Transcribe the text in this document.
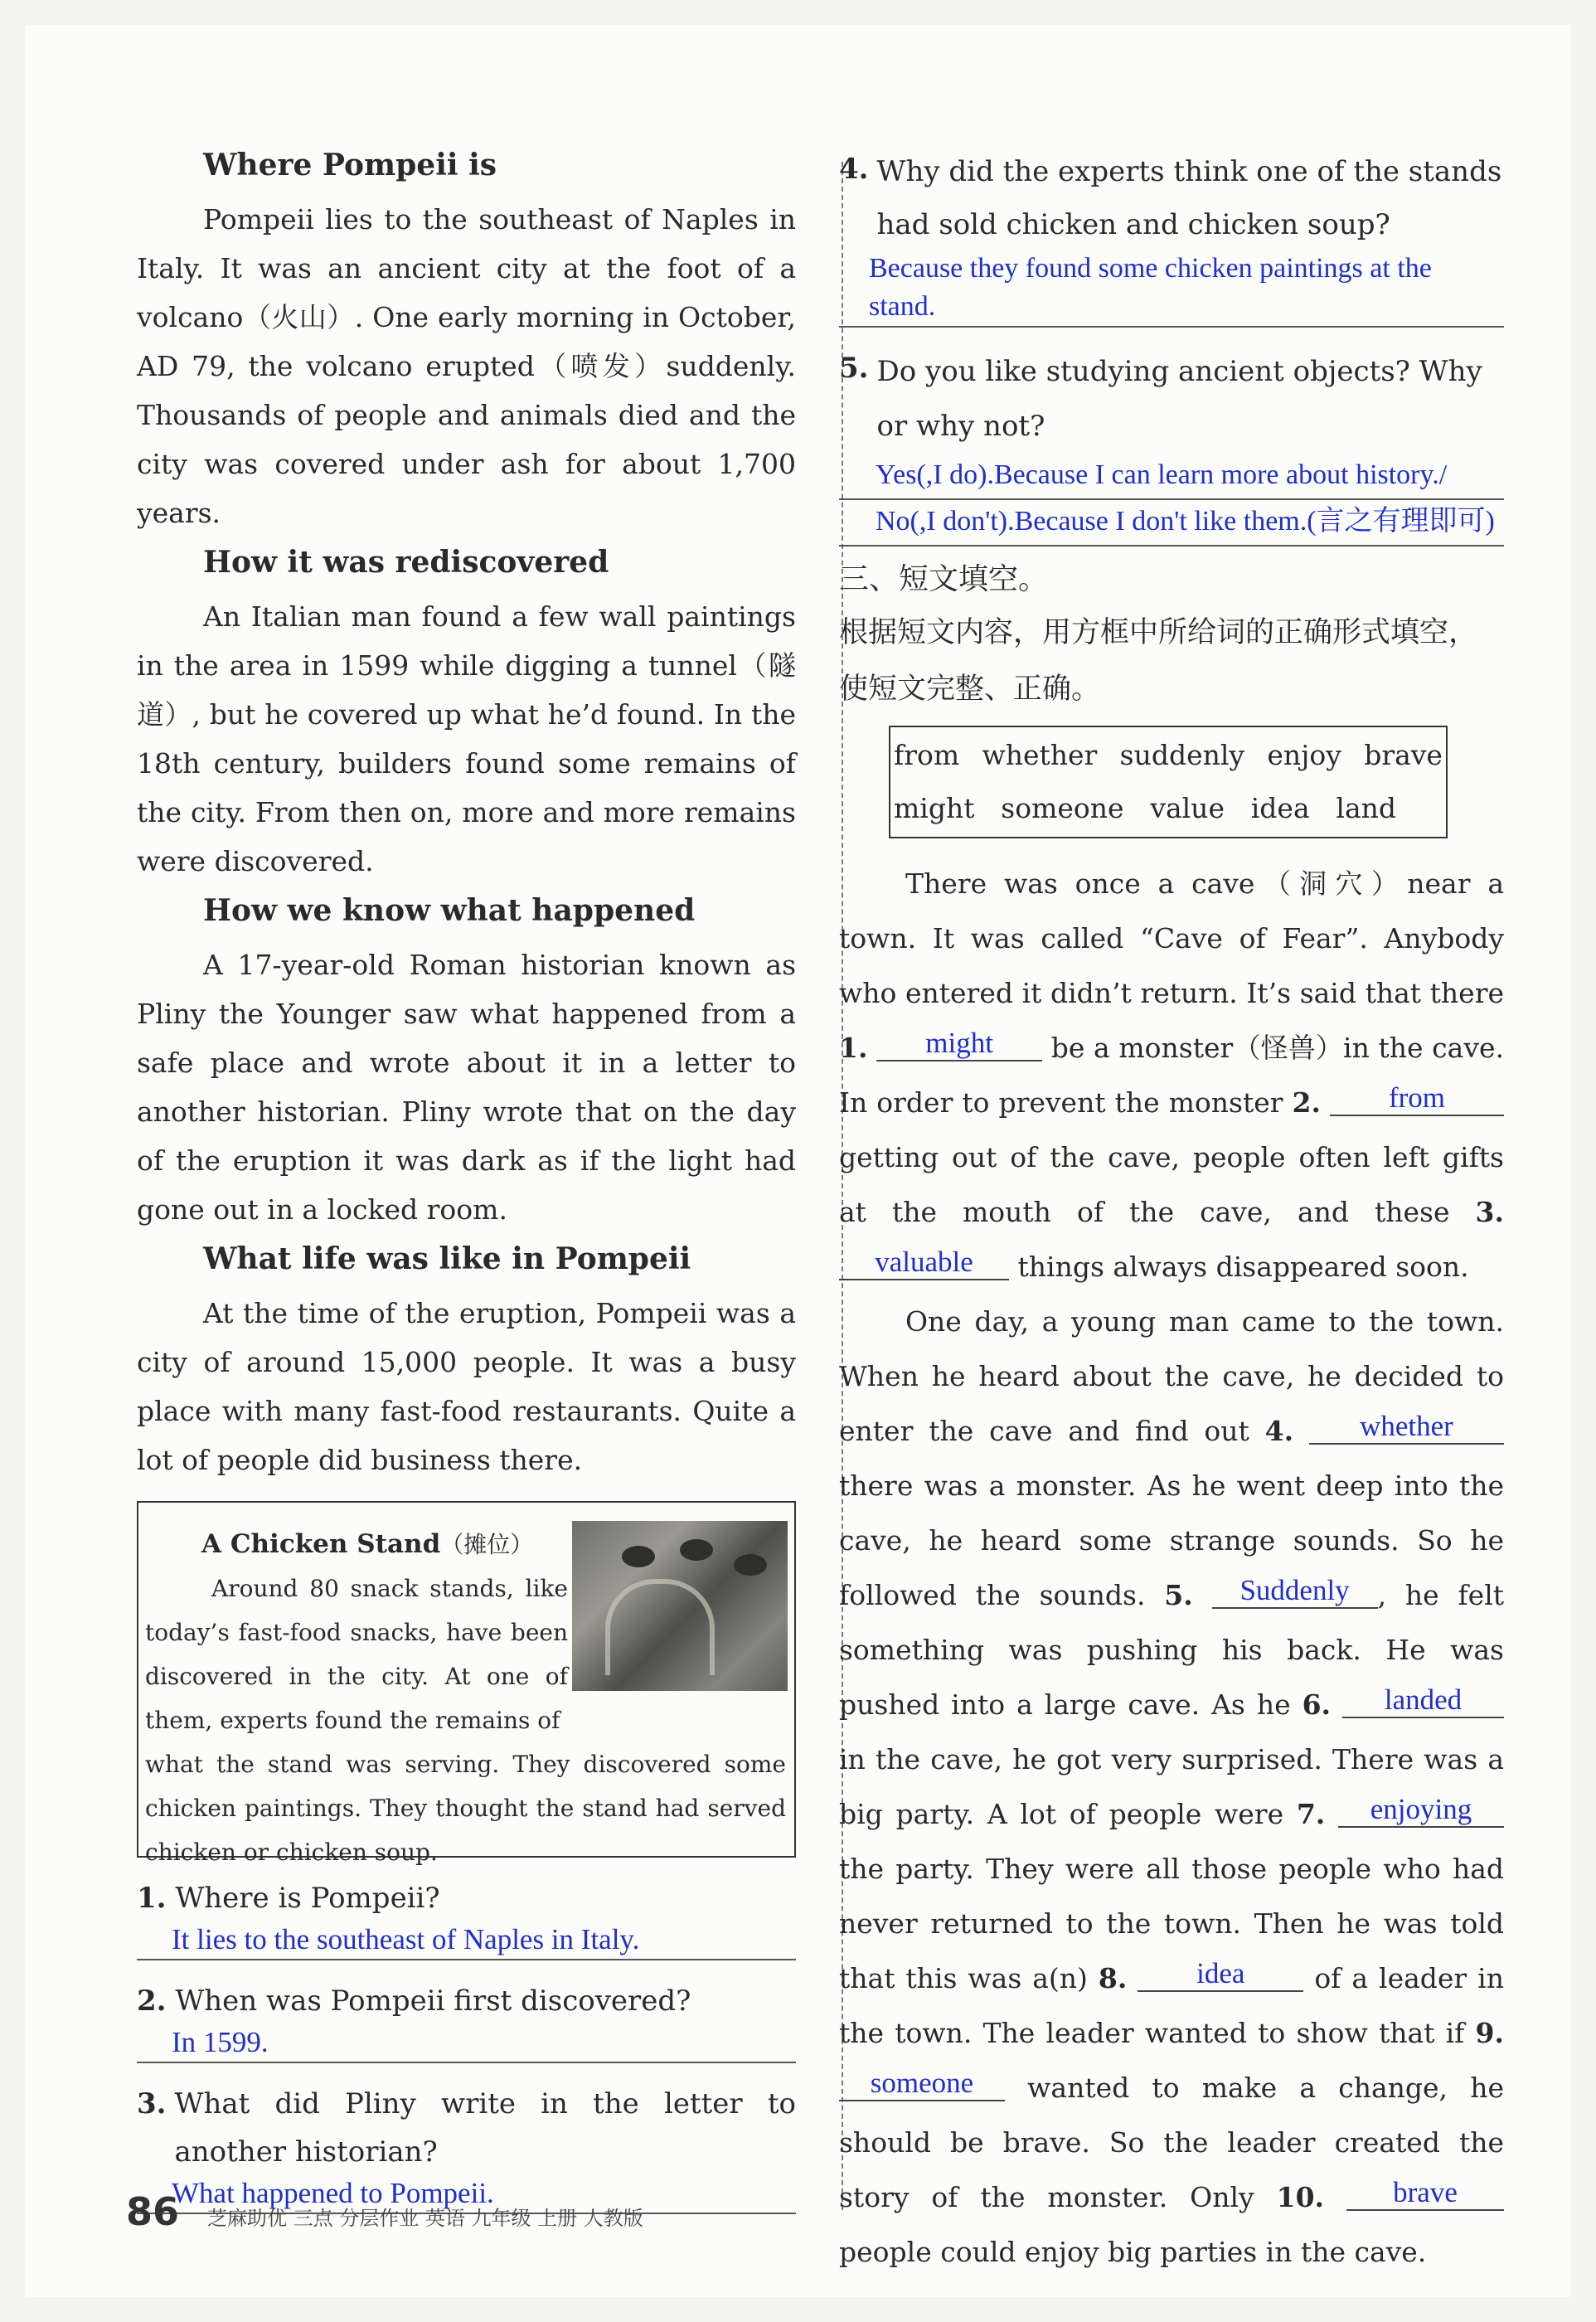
Where Pompeii is

Pompeii lies to the southeast of Naples in Italy. It was an ancient city at the foot of a volcano（火山）. One early morning in October, AD 79, the volcano erupted（喷发）suddenly. Thousands of people and animals died and the city was covered under ash for about 1,700 years.

How it was rediscovered

An Italian man found a few wall paintings in the area in 1599 while digging a tunnel（隧道）, but he covered up what he’d found. In the 18th century, builders found some remains of the city. From then on, more and more remains were discovered.

How we know what happened

A 17-year-old Roman historian known as Pliny the Younger saw what happened from a safe place and wrote about it in a letter to another historian. Pliny wrote that on the day of the eruption it was dark as if the light had gone out in a locked room.

What life was like in Pompeii

At the time of the eruption, Pompeii was a city of around 15,000 people. It was a busy place with many fast-food restaurants. Quite a lot of people did business there.

A Chicken Stand（摊位）
Around 80 snack stands, like today’s fast-food snacks, have been discovered in the city. At one of them, experts found the remains of
what the stand was serving. They discovered some chicken paintings. They thought the stand had served chicken or chicken soup.
1. Where is Pompeii?
It lies to the southeast of Naples in Italy.
2. When was Pompeii first discovered?
In 1599.
3. What did Pliny write in the letter to another historian?
What happened to Pompeii.
4. Why did the experts think one of the stands had sold chicken and chicken soup?
Because they found some chicken paintings at the stand.
5. Do you like studying ancient objects? Why or why not?
Yes(,I do).Because I can learn more about history./
No(,I don't).Because I don't like them.(言之有理即可)
三、短文填空。
根据短文内容，用方框中所给词的正确形式填空，使短文完整、正确。
from whether suddenly enjoy brave
might someone value idea land

There was once a cave（洞穴）near a town. It was called “Cave of Fear”. Anybody who entered it didn’t return. It’s said that there 1. might be a monster（怪兽）in the cave. In order to prevent the monster 2. from getting out of the cave, people often left gifts at the mouth of the cave, and these 3. valuable things always disappeared soon.

One day, a young man came to the town. When he heard about the cave, he decided to enter the cave and find out 4. whether there was a monster. As he went deep into the cave, he heard some strange sounds. So he followed the sounds. 5. Suddenly , he felt something was pushing his back. He was pushed into a large cave. As he 6. landed in the cave, he got very surprised. There was a big party. A lot of people were 7. enjoying the party. They were all those people who had never returned to the town. Then he was told that this was a(n) 8. idea	of a leader in the town. The leader wanted to show that if 9. someone wanted to make a change, he should be brave. So the leader created the story of the monster. Only 10. brave people could enjoy big parties in the cave.

86 芝麻助优 三点 分层作业 英语 九年级 上册 人教版
